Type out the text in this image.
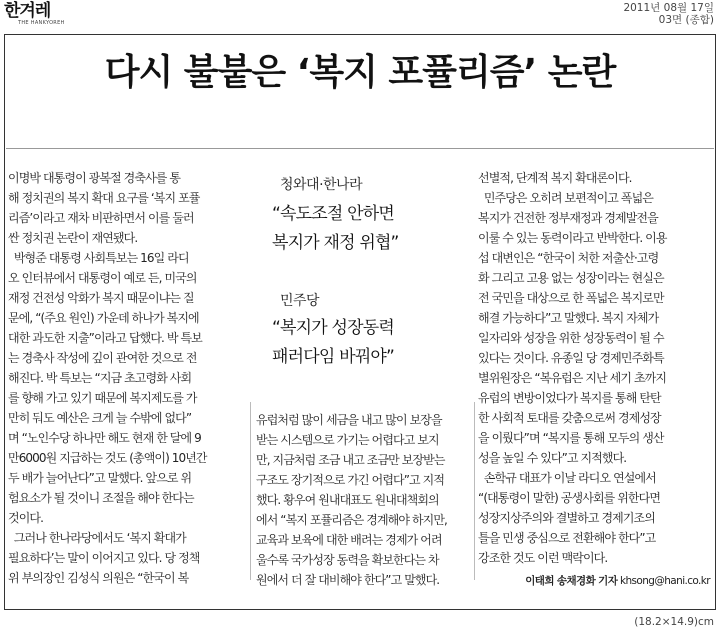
한겨레
THE HANKYOREH
2011년 08월 17일
03면 (종합)
다시 불붙은 ‘복지 포퓰리즘’ 논란
이명박 대통령이 광복절 경축사를 통
해 정치권의 복지 확대 요구를 ‘복지 포퓰
리즘’이라고 재차 비판하면서 이를 둘러
싼 정치권 논란이 재연됐다.
박형준 대통령 사회특보는 16일 라디
오 인터뷰에서 대통령이 예로 든, 미국의
재정 건전성 악화가 복지 때문이냐는 질
문에, “(주요 원인) 가운데 하나가 복지에
대한 과도한 지출”이라고 답했다. 박 특보
는 경축사 작성에 깊이 관여한 것으로 전
해진다. 박 특보는 “지금 초고령화 사회
를 향해 가고 있기 때문에 복지제도를 가
만히 둬도 예산은 크게 늘 수밖에 없다”
며 “노인수당 하나만 해도 현재 한 달에 9
만6000원 지급하는 것도 (총액이) 10년간
두 배가 늘어난다”고 말했다. 앞으로 위
험요소가 될 것이니 조절을 해야 한다는
것이다.
그러나 한나라당에서도 ‘복지 확대가
필요하다’는 말이 이어지고 있다. 당 정책
위 부의장인 김성식 의원은 “한국이 복
청와대·한나라
“속도조절 안하면
복지가 재정 위협”
민주당
“복지가 성장동력
패러다임 바꿔야”
유럽처럼 많이 세금을 내고 많이 보장을
받는 시스템으로 가기는 어렵다고 보지
만, 지금처럼 조금 내고 조금만 보장받는
구조도 장기적으로 가긴 어렵다”고 지적
했다. 황우여 원내대표도 원내대책회의
에서 “복지 포퓰리즘은 경계해야 하지만,
교육과 보육에 대한 배려는 경제가 어려
울수록 국가성장 동력을 확보한다는 차
원에서 더 잘 대비해야 한다”고 말했다.
선별적, 단계적 복지 확대론이다.
민주당은 오히려 보편적이고 폭넓은
복지가 건전한 정부재정과 경제발전을
이룰 수 있는 동력이라고 반박한다. 이용
섭 대변인은 “한국이 처한 저출산·고령
화 그리고 고용 없는 성장이라는 현실은
전 국민을 대상으로 한 폭넓은 복지로만
해결 가능하다”고 말했다. 복지 자체가
일자리와 성장을 위한 성장동력이 될 수
있다는 것이다. 유종일 당 경제민주화특
별위원장은 “복유럽은 지난 세기 초까지
유럽의 변방이었다가 복지를 통해 탄탄
한 사회적 토대를 갖춤으로써 경제성장
을 이뤘다”며 “복지를 통해 모두의 생산
성을 높일 수 있다”고 지적했다.
손학규 대표가 이날 라디오 연설에서
“(대통령이 말한) 공생사회를 위한다면
성장지상주의와 결별하고 경제기조의
틀을 민생 중심으로 전환해야 한다”고
강조한 것도 이런 맥락이다.
이태희 송채경화 기자 khsong@hani.co.kr
(18.2×14.9)cm
